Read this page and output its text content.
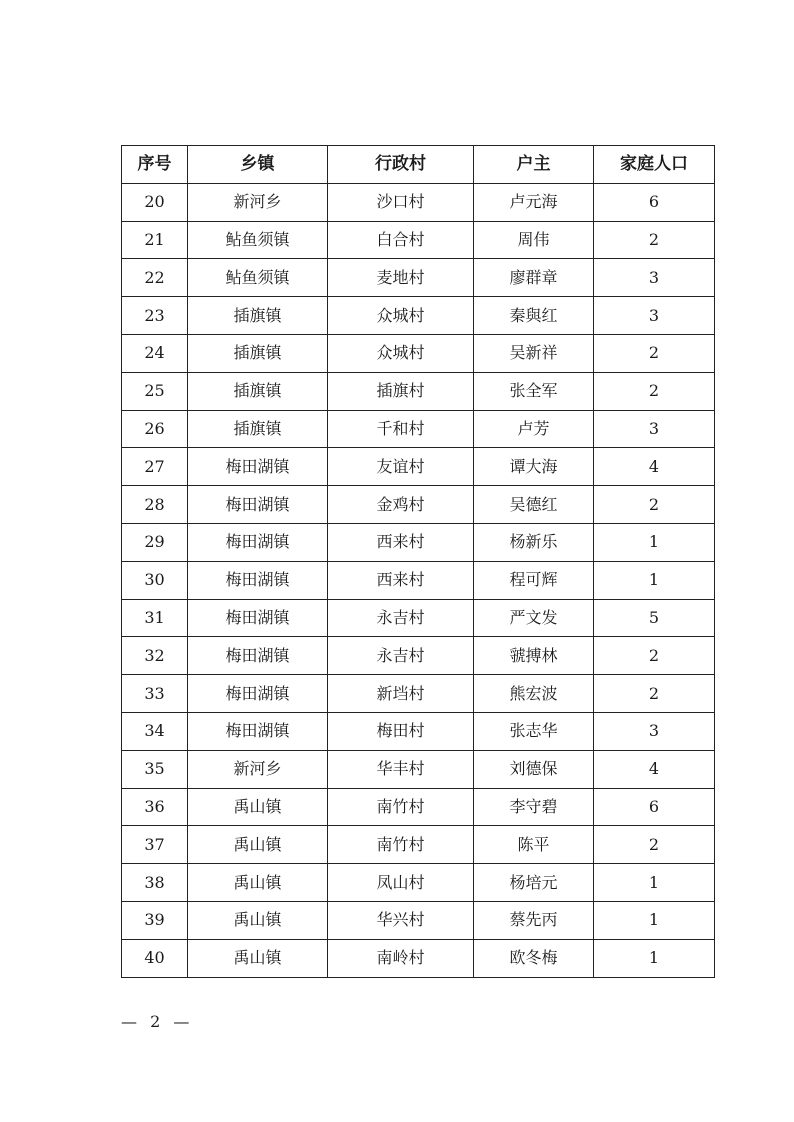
序号	乡镇	行政村	户主	家庭人口
20	新河乡	沙口村	卢元海	6
21	鲇鱼须镇	白合村	周伟	2
22	鲇鱼须镇	麦地村	廖群章	3
23	插旗镇	众城村	秦與红	3
24	插旗镇	众城村	吴新祥	2
25	插旗镇	插旗村	张全军	2
26	插旗镇	千和村	卢芳	3
27	梅田湖镇	友谊村	谭大海	4
28	梅田湖镇	金鸡村	吴德红	2
29	梅田湖镇	西来村	杨新乐	1
30	梅田湖镇	西来村	程可辉	1
31	梅田湖镇	永吉村	严文发	5
32	梅田湖镇	永吉村	虢搏林	2
33	梅田湖镇	新垱村	熊宏波	2
34	梅田湖镇	梅田村	张志华	3
35	新河乡	华丰村	刘德保	4
36	禹山镇	南竹村	李守碧	6
37	禹山镇	南竹村	陈平	2
38	禹山镇	凤山村	杨培元	1
39	禹山镇	华兴村	蔡先丙	1
40	禹山镇	南岭村	欧冬梅	1
— 2 —
